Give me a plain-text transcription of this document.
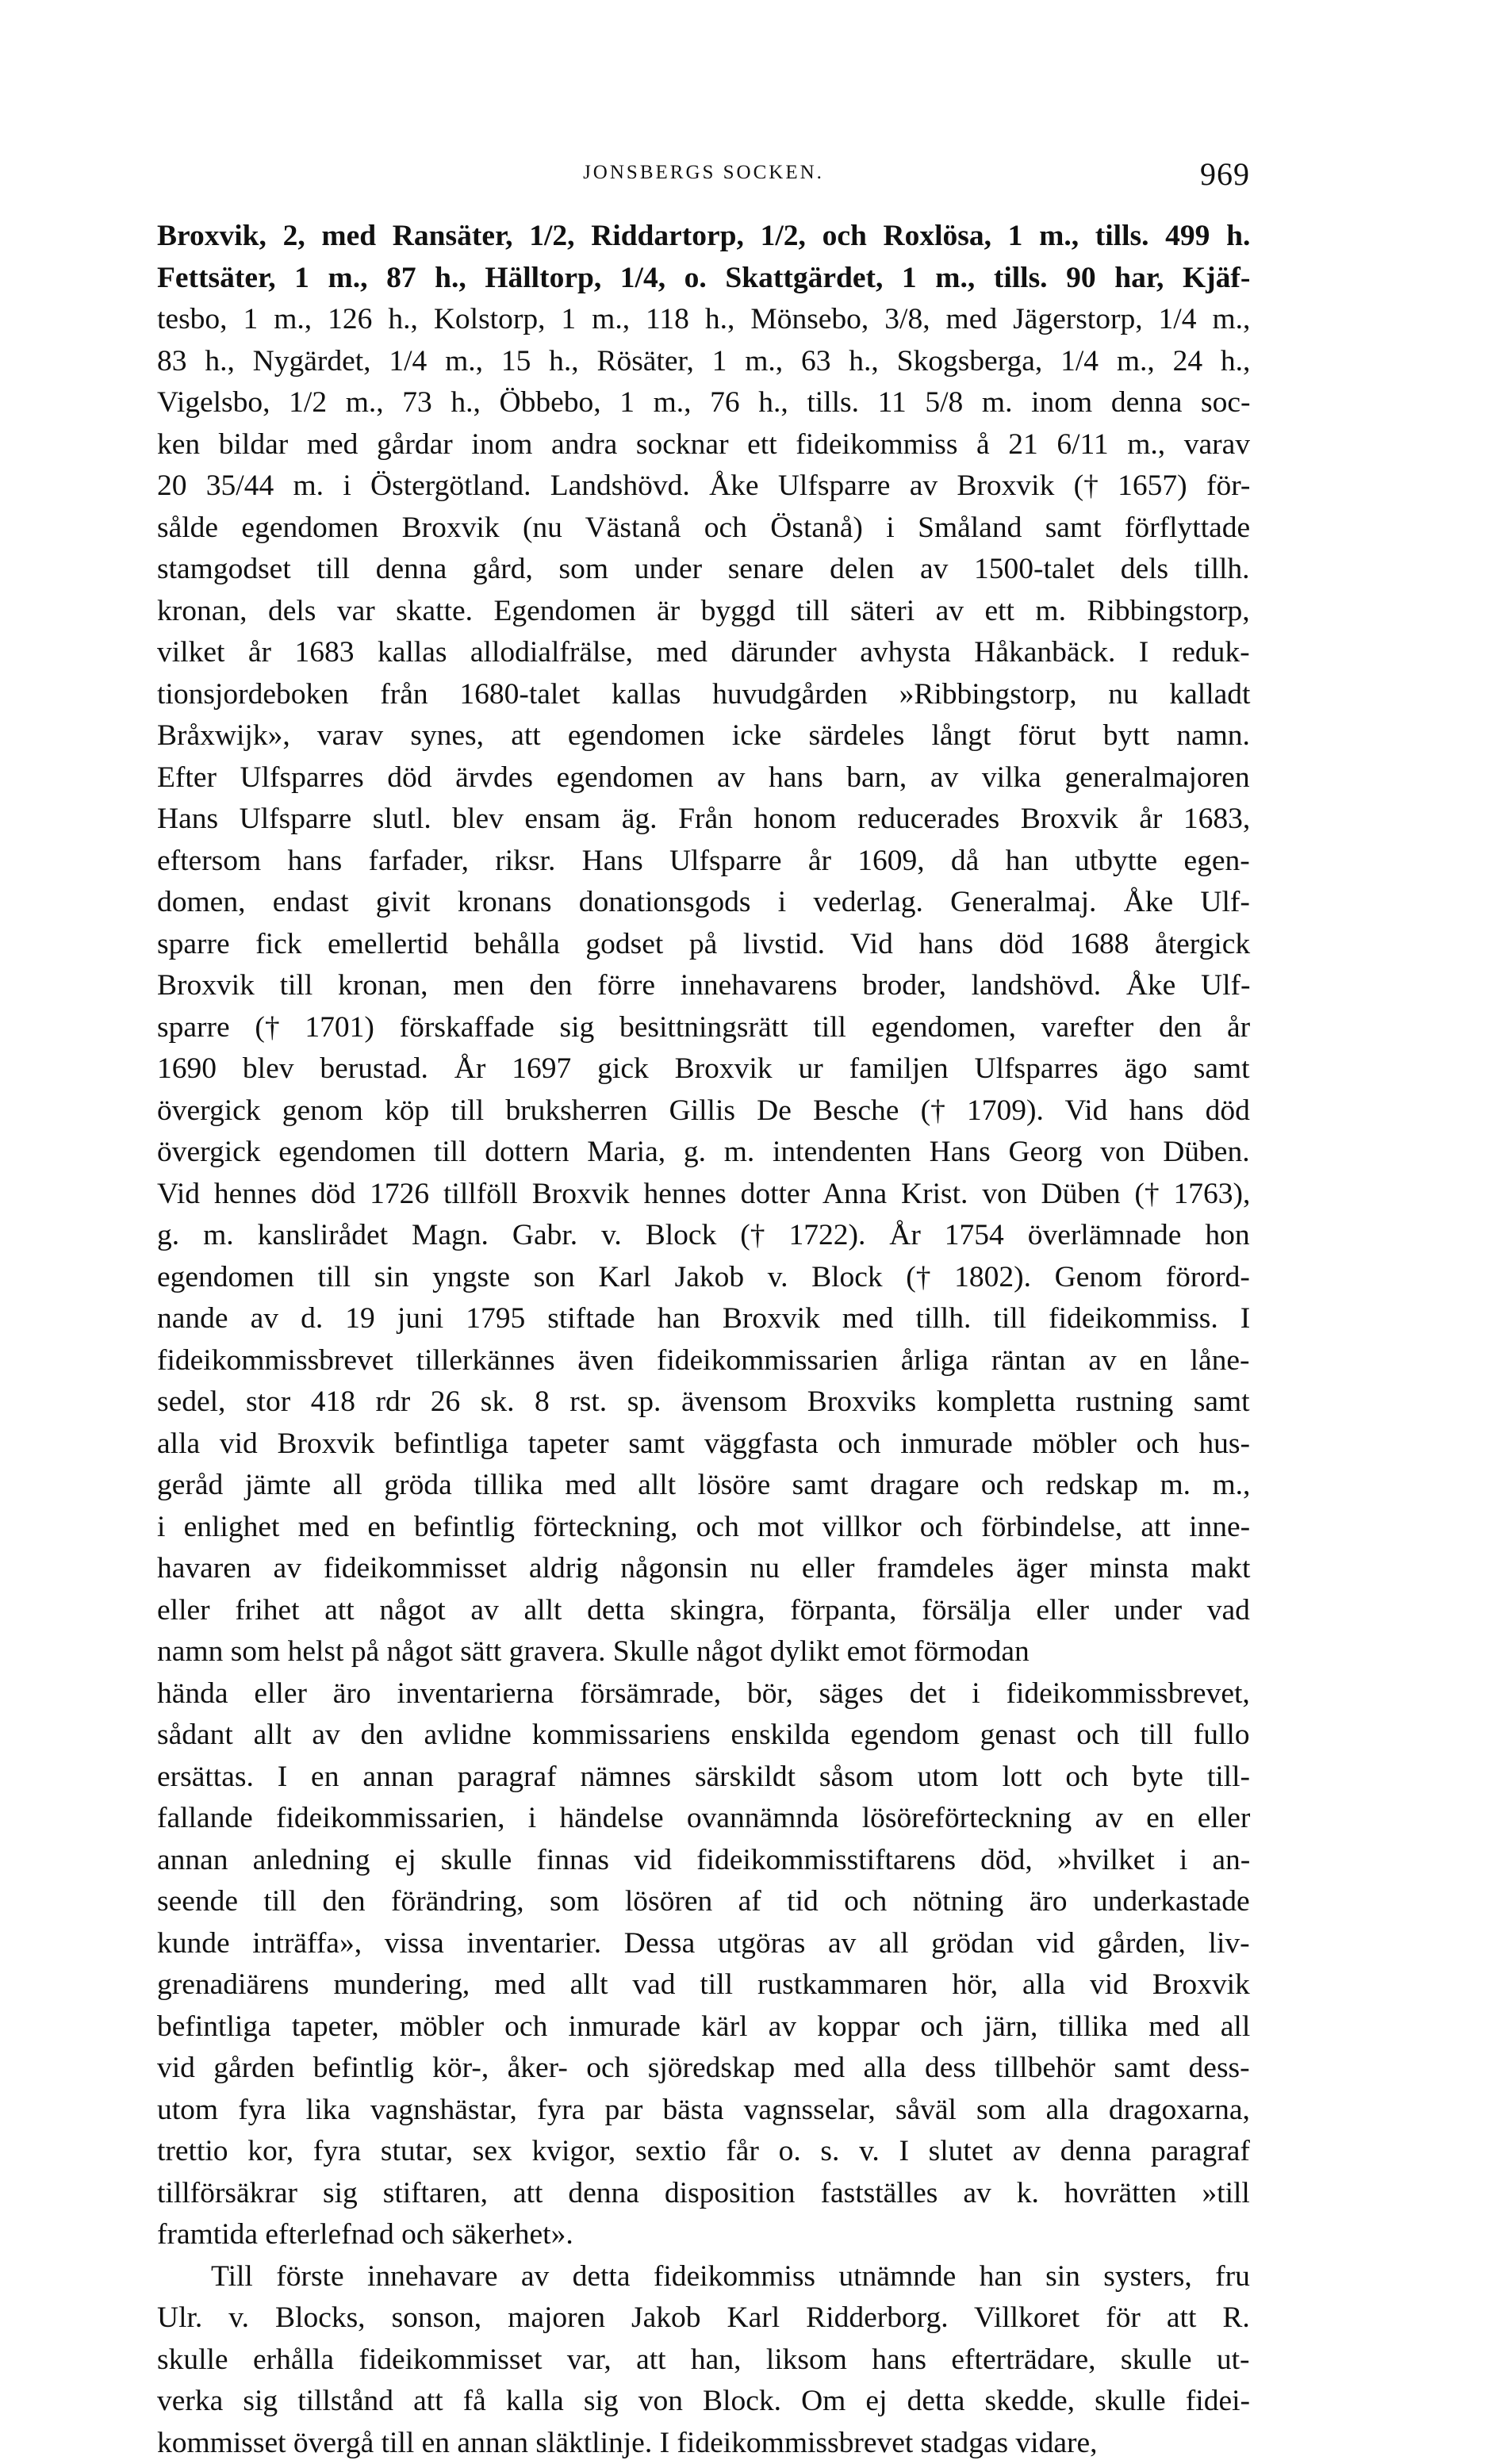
JONSBERGS SOCKEN.	969
Broxvik, 2, med Ransäter, 1/2, Riddartorp, 1/2, och Roxlösa, 1 m., tills. 499 h.
Fettsäter, 1 m., 87 h., Hälltorp, 1/4, o. Skattgärdet, 1 m., tills. 90 har, Kjäf-
tesbo, 1 m., 126 h., Kolstorp, 1 m., 118 h., Mönsebo, 3/8, med Jägerstorp, 1/4 m.,
83 h., Nygärdet, 1/4 m., 15 h., Rösäter, 1 m., 63 h., Skogsberga, 1/4 m., 24 h.,
Vigelsbo, 1/2 m., 73 h., Öbbebo, 1 m., 76 h., tills. 11 5/8 m. inom denna soc-
ken bildar med gårdar inom andra socknar ett fideikommiss å 21 6/11 m., varav
20 35/44 m. i Östergötland. Landshövd. Åke Ulfsparre av Broxvik († 1657) för-
sålde egendomen Broxvik (nu Västanå och Östanå) i Småland samt förflyttade
stamgodset till denna gård, som under senare delen av 1500-talet dels tillh.
kronan, dels var skatte. Egendomen är byggd till säteri av ett m. Ribbingstorp,
vilket år 1683 kallas allodialfrälse, med därunder avhysta Håkanbäck. I reduk-
tionsjordeboken från 1680-talet kallas huvudgården »Ribbingstorp, nu kalladt
Bråxwijk», varav synes, att egendomen icke särdeles långt förut bytt namn.
Efter Ulfsparres död ärvdes egendomen av hans barn, av vilka generalmajoren
Hans Ulfsparre slutl. blev ensam äg. Från honom reducerades Broxvik år 1683,
eftersom hans farfader, riksr. Hans Ulfsparre år 1609, då han utbytte egen-
domen, endast givit kronans donationsgods i vederlag. Generalmaj. Åke Ulf-
sparre fick emellertid behålla godset på livstid. Vid hans död 1688 återgick
Broxvik till kronan, men den förre innehavarens broder, landshövd. Åke Ulf-
sparre († 1701) förskaffade sig besittningsrätt till egendomen, varefter den år
1690 blev berustad. År 1697 gick Broxvik ur familjen Ulfsparres ägo samt
övergick genom köp till bruksherren Gillis De Besche († 1709). Vid hans död
övergick egendomen till dottern Maria, g. m. intendenten Hans Georg von Düben.
Vid hennes död 1726 tillföll Broxvik hennes dotter Anna Krist. von Düben († 1763),
g. m. kanslirådet Magn. Gabr. v. Block († 1722). År 1754 överlämnade hon
egendomen till sin yngste son Karl Jakob v. Block († 1802). Genom förord-
nande av d. 19 juni 1795 stiftade han Broxvik med tillh. till fideikommiss. I
fideikommissbrevet tillerkännes även fideikommissarien årliga räntan av en låne-
sedel, stor 418 rdr 26 sk. 8 rst. sp. ävensom Broxviks kompletta rustning samt
alla vid Broxvik befintliga tapeter samt väggfasta och inmurade möbler och hus-
geråd jämte all gröda tillika med allt lösöre samt dragare och redskap m. m.,
i enlighet med en befintlig förteckning, och mot villkor och förbindelse, att inne-
havaren av fideikommisset aldrig någonsin nu eller framdeles äger minsta makt
eller frihet att något av allt detta skingra, förpanta, försälja eller under vad
namn som helst på något sätt gravera. Skulle något dylikt emot förmodan
hända eller äro inventarierna försämrade, bör, säges det i fideikommissbrevet,
sådant allt av den avlidne kommissariens enskilda egendom genast och till fullo
ersättas. I en annan paragraf nämnes särskildt såsom utom lott och byte till-
fallande fideikommissarien, i händelse ovannämnda lösöreförteckning av en eller
annan anledning ej skulle finnas vid fideikommisstiftarens död, »hvilket i an-
seende till den förändring, som lösören af tid och nötning äro underkastade
kunde inträffa», vissa inventarier. Dessa utgöras av all grödan vid gården, liv-
grenadiärens mundering, med allt vad till rustkammaren hör, alla vid Broxvik
befintliga tapeter, möbler och inmurade kärl av koppar och järn, tillika med all
vid gården befintlig kör-, åker- och sjöredskap med alla dess tillbehör samt dess-
utom fyra lika vagnshästar, fyra par bästa vagnsselar, såväl som alla dragoxarna,
trettio kor, fyra stutar, sex kvigor, sextio får o. s. v. I slutet av denna paragraf
tillförsäkrar sig stiftaren, att denna disposition fastställes av k. hovrätten »till
framtida efterlefnad och säkerhet».
Till förste innehavare av detta fideikommiss utnämnde han sin systers, fru
Ulr. v. Blocks, sonson, majoren Jakob Karl Ridderborg. Villkoret för att R.
skulle erhålla fideikommisset var, att han, liksom hans efterträdare, skulle ut-
verka sig tillstånd att få kalla sig von Block. Om ej detta skedde, skulle fidei-
kommisset övergå till en annan släktlinje. I fideikommissbrevet stadgas vidare,
